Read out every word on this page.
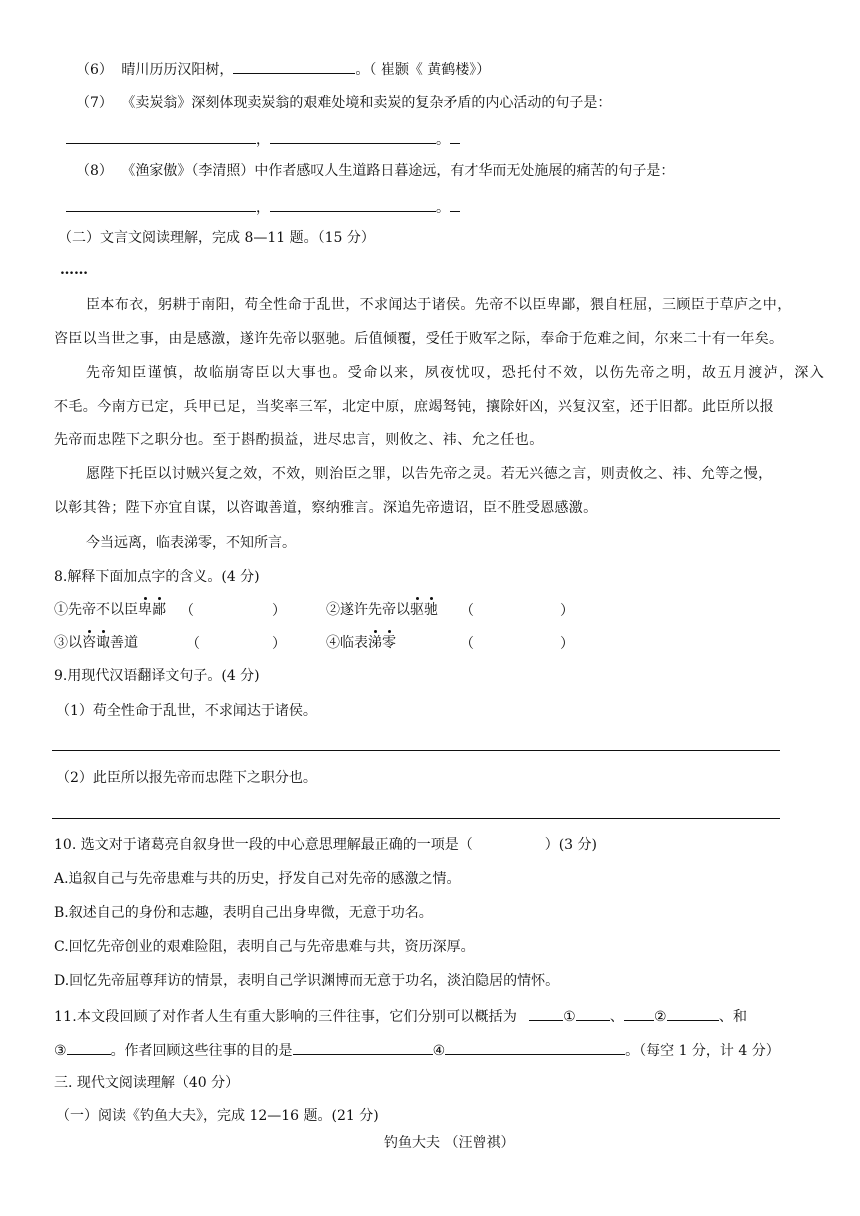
（6） 晴川历历汉阳树，	。（ 崔颢《 黄鹤楼》）
（7） 《卖炭翁》深刻体现卖炭翁的艰难处境和卖炭的复杂矛盾的内心活动的句子是：
，	。
（8） 《渔家傲》（李清照）中作者感叹人生道路日暮途远，有才华而无处施展的痛苦的句子是：
，	。
（二）文言文阅读理解，完成 8—11 题。（15 分）
……
臣本布衣，躬耕于南阳，苟全性命于乱世，不求闻达于诸侯。先帝不以臣卑鄙，猥自枉屈，三顾臣于草庐之中，
咨臣以当世之事，由是感激，遂许先帝以驱驰。后值倾覆，受任于败军之际，奉命于危难之间，尔来二十有一年矣。
先帝知臣谨慎，故临崩寄臣以大事也。受命以来，夙夜忧叹，恐托付不效，以伤先帝之明，故五月渡泸，深入
不毛。今南方已定，兵甲已足，当奖率三军，北定中原，庶竭驽钝，攘除奸凶，兴复汉室，还于旧都。此臣所以报
先帝而忠陛下之职分也。至于斟酌损益，进尽忠言，则攸之、祎、允之任也。
愿陛下托臣以讨贼兴复之效，不效，则治臣之罪，以告先帝之灵。若无兴德之言，则责攸之、祎、允等之慢，
以彰其咎；陛下亦宜自谋，以咨诹善道，察纳雅言。深追先帝遗诏，臣不胜受恩感激。
今当远离，临表涕零，不知所言。
8.解释下面加点字的含义。(4 分)
①先帝不以臣卑鄙 （	）	②遂许先帝以驱驰 （	）
③以咨诹善道	（	）	④临表涕零	（	）
9.用现代汉语翻译文句子。(4 分)
（1）苟全性命于乱世，不求闻达于诸侯。
（2）此臣所以报先帝而忠陛下之职分也。
10. 选文对于诸葛亮自叙身世一段的中心意思理解最正确的一项是（	）(3 分)
A.追叙自己与先帝患难与共的历史，抒发自己对先帝的感激之情。
B.叙述自己的身份和志趣，表明自己出身卑微，无意于功名。
C.回忆先帝创业的艰难险阻，表明自己与先帝患难与共，资历深厚。
D.回忆先帝屈尊拜访的情景，表明自己学识渊博而无意于功名，淡泊隐居的情怀。
11.本文段回顾了对作者人生有重大影响的三件往事，它们分别可以概括为	① 、 ②	、和
③	。作者回顾这些往事的目的是	④	。（每空 1 分，计 4 分）
三. 现代文阅读理解（40 分）
（一）阅读《钓鱼大夫》，完成 12—16 题。(21 分)
钓鱼大夫 （汪曾祺）
